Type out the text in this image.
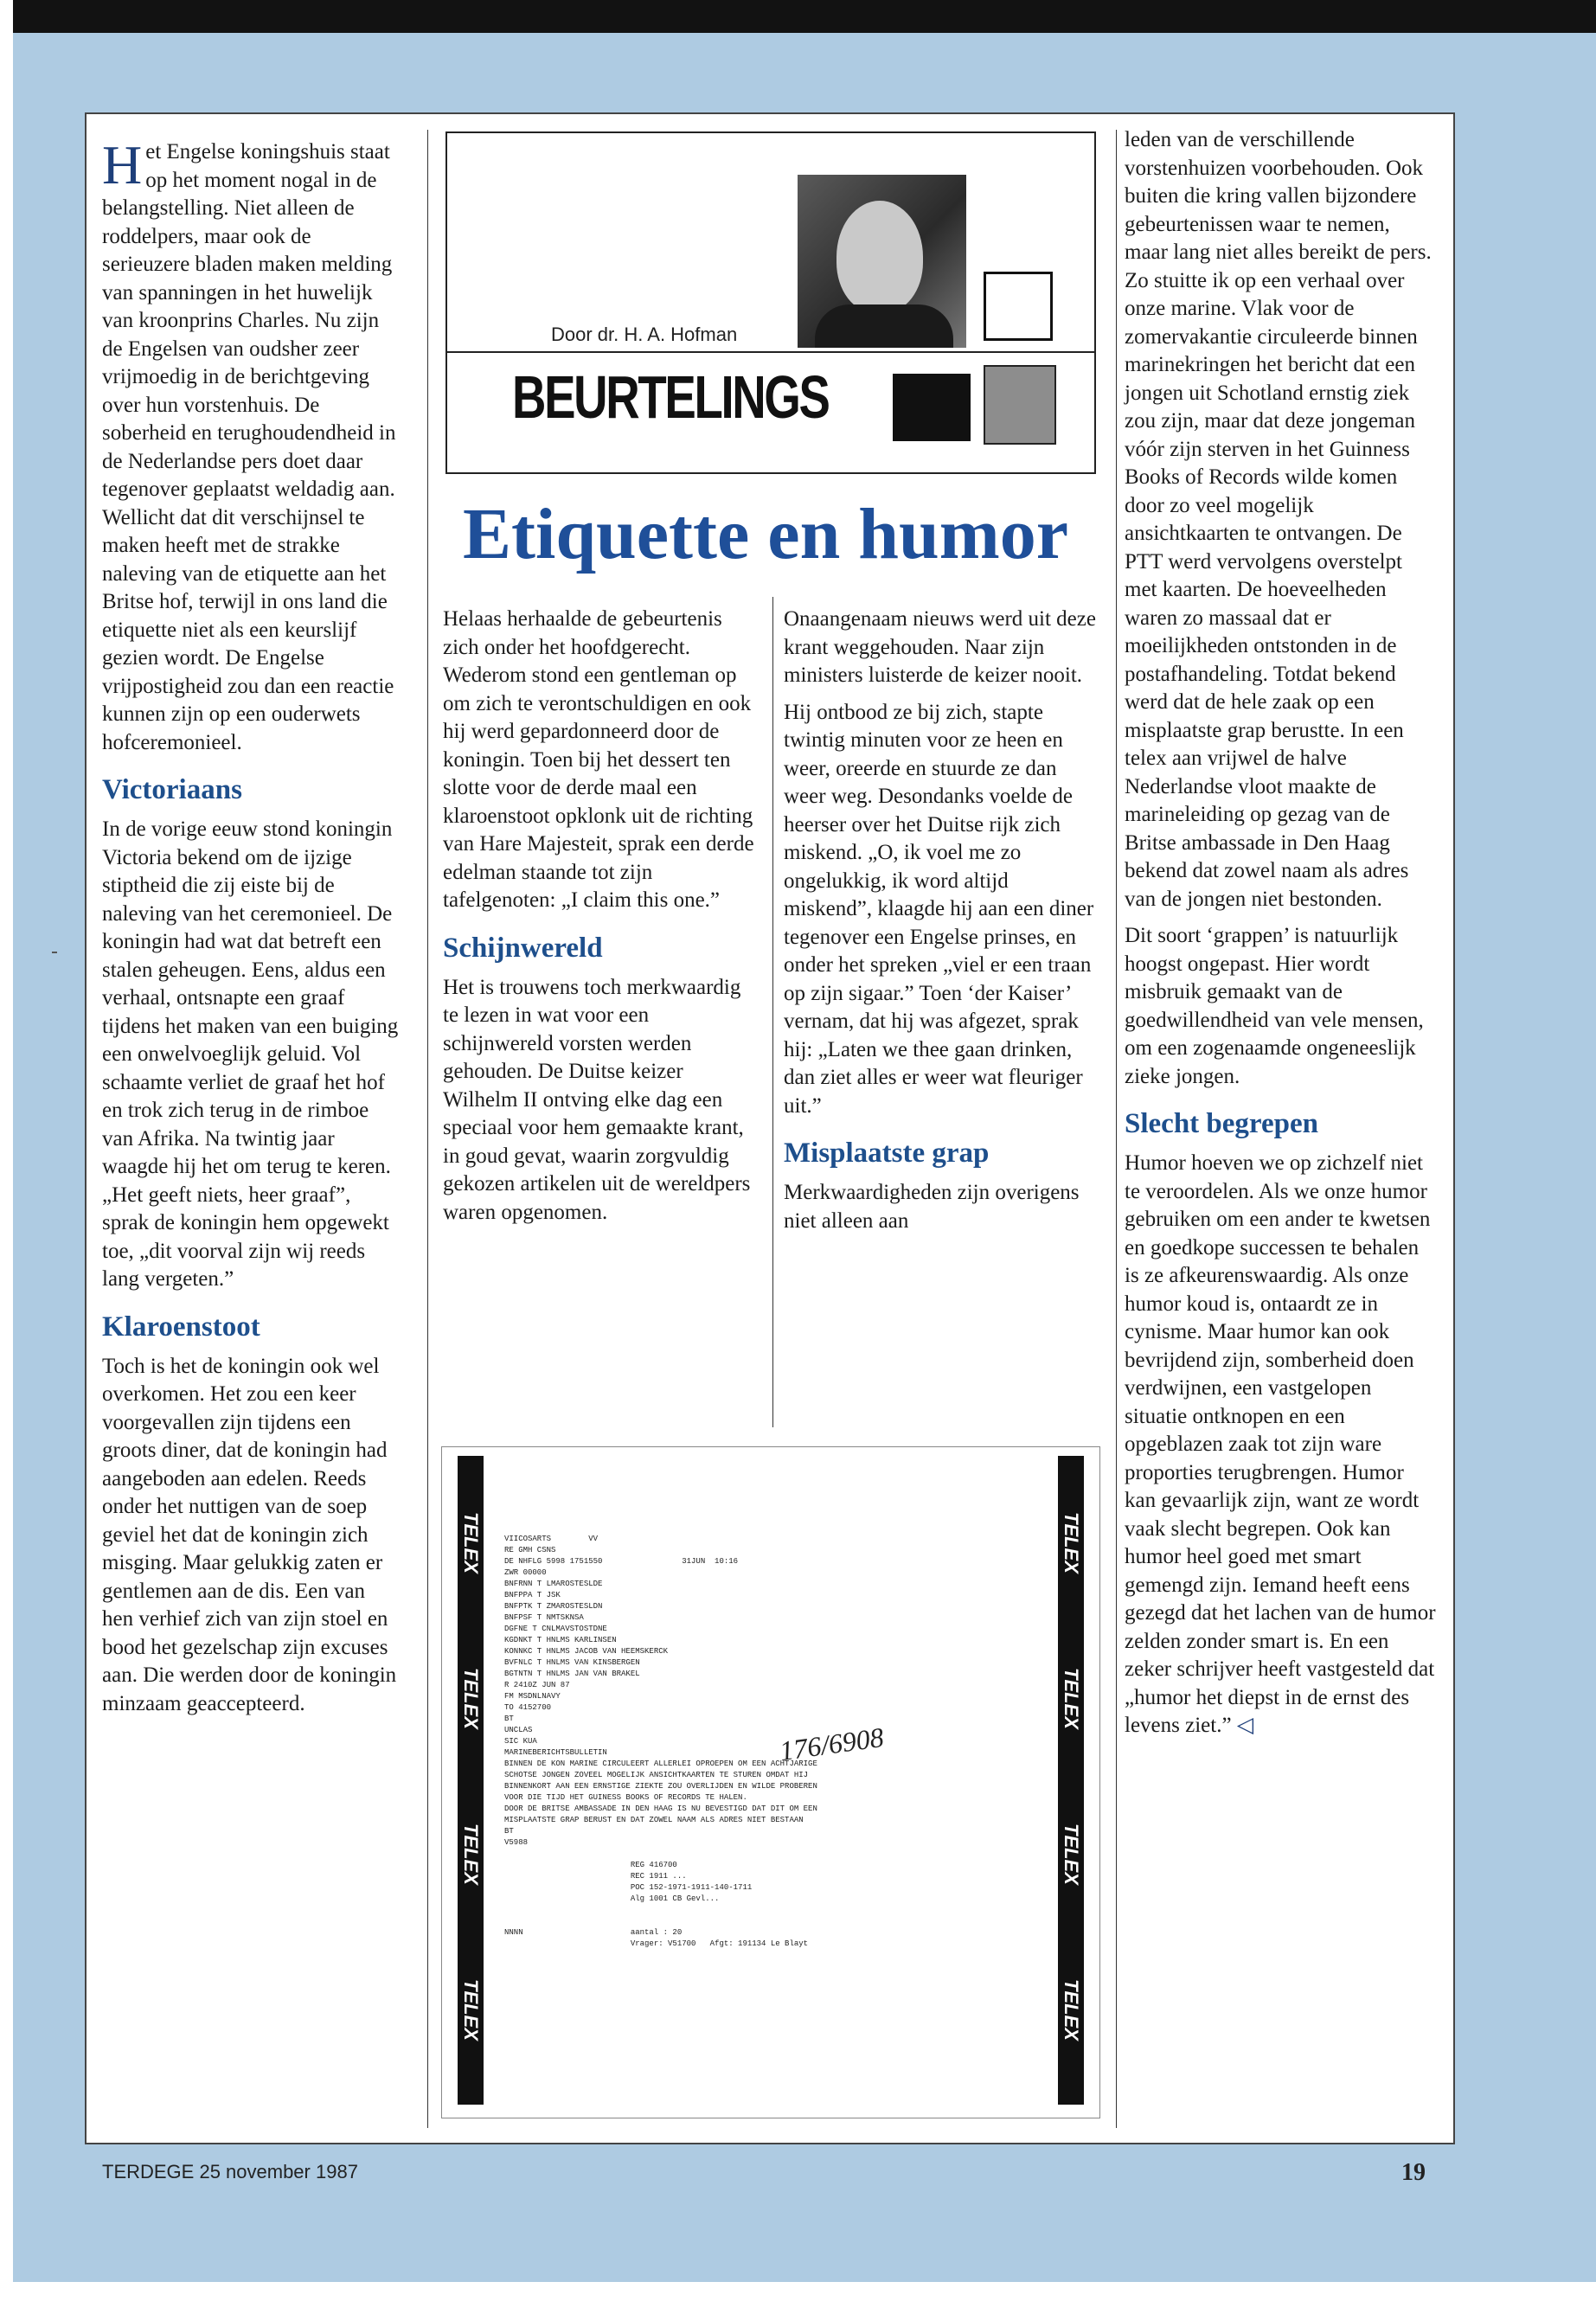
Het Engelse koningshuis staat op het moment nogal in de belangstelling. Niet alleen de roddelpers, maar ook de serieuzere bladen maken melding van spanningen in het huwelijk van kroonprins Charles. Nu zijn de Engelsen van oudsher zeer vrijmoedig in de berichtgeving over hun vorstenhuis. De soberheid en terughoudendheid in de Nederlandse pers doet daar tegenover geplaatst weldadig aan. Wellicht dat dit verschijnsel te maken heeft met de strakke naleving van de etiquette aan het Britse hof, terwijl in ons land die etiquette niet als een keurslijf gezien wordt. De Engelse vrijpostigheid zou dan een reactie kunnen zijn op een ouderwets hofceremonieel.

Victoriaans

In de vorige eeuw stond koningin Victoria bekend om de ijzige stiptheid die zij eiste bij de naleving van het ceremonieel. De koningin had wat dat betreft een stalen geheugen. Eens, aldus een verhaal, ontsnapte een graaf tijdens het maken van een buiging een onwelvoeglijk geluid. Vol schaamte verliet de graaf het hof en trok zich terug in de rimboe van Afrika. Na twintig jaar waagde hij het om terug te keren. „Het geeft niets, heer graaf”, sprak de koningin hem opgewekt toe, „dit voorval zijn wij reeds lang vergeten.”

Klaroenstoot

Toch is het de koningin ook wel overkomen. Het zou een keer voorgevallen zijn tijdens een groots diner, dat de koningin had aangeboden aan edelen. Reeds onder het nuttigen van de soep geviel het dat de koningin zich misging. Maar gelukkig zaten er gentlemen aan de dis. Een van hen verhief zich van zijn stoel en bood het gezelschap zijn excuses aan. Die werden door de koningin minzaam geaccepteerd.

Door dr. H. A. Hofman
BEURTELINGS
Etiquette en humor

Helaas herhaalde de gebeurtenis zich onder het hoofdgerecht. Wederom stond een gentleman op om zich te verontschuldigen en ook hij werd gepardonneerd door de koningin. Toen bij het dessert ten slotte voor de derde maal een klaroenstoot opklonk uit de richting van Hare Majesteit, sprak een derde edelman staande tot zijn tafelgenoten: „I claim this one.”

Schijnwereld

Het is trouwens toch merkwaardig te lezen in wat voor een schijnwereld vorsten werden gehouden. De Duitse keizer Wilhelm II ontving elke dag een speciaal voor hem gemaakte krant, in goud gevat, waarin zorgvuldig gekozen artikelen uit de wereldpers waren opgenomen.

Onaangenaam nieuws werd uit deze krant weggehouden. Naar zijn ministers luisterde de keizer nooit.

Hij ontbood ze bij zich, stapte twintig minuten voor ze heen en weer, oreerde en stuurde ze dan weer weg. Desondanks voelde de heerser over het Duitse rijk zich miskend. „O, ik voel me zo ongelukkig, ik word altijd miskend”, klaagde hij aan een diner tegenover een Engelse prinses, en onder het spreken „viel er een traan op zijn sigaar.” Toen ‘der Kaiser’ vernam, dat hij was afgezet, sprak hij: „Laten we thee gaan drinken, dan ziet alles er weer wat fleuriger uit.”

Misplaatste grap

Merkwaardigheden zijn overigens niet alleen aan

leden van de verschillende vorstenhuizen voorbehouden. Ook buiten die kring vallen bijzondere gebeurtenissen waar te nemen, maar lang niet alles bereikt de pers. Zo stuitte ik op een verhaal over onze marine. Vlak voor de zomervakantie circuleerde binnen marinekringen het bericht dat een jongen uit Schotland ernstig ziek zou zijn, maar dat deze jongeman vóór zijn sterven in het Guinness Books of Records wilde komen door zo veel mogelijk ansichtkaarten te ontvangen. De PTT werd vervolgens overstelpt met kaarten. De hoeveelheden waren zo massaal dat er moeilijkheden ontstonden in de postafhandeling. Totdat bekend werd dat de hele zaak op een misplaatste grap berustte. In een telex aan vrijwel de halve Nederlandse vloot maakte de marineleiding op gezag van de Britse ambassade in Den Haag bekend dat zowel naam als adres van de jongen niet bestonden.

Dit soort ‘grappen’ is natuurlijk hoogst ongepast. Hier wordt misbruik gemaakt van de goedwillendheid van vele mensen, om een zogenaamde ongeneeslijk zieke jongen.

Slecht begrepen

Humor hoeven we op zichzelf niet te veroordelen. Als we onze humor gebruiken om een ander te kwetsen en goedkope successen te behalen is ze afkeurenswaardig. Als onze humor koud is, ontaardt ze in cynisme. Maar humor kan ook bevrijdend zijn, somberheid doen verdwijnen, een vastgelopen situatie ontknopen en een opgeblazen zaak tot zijn ware proporties terugbrengen. Humor kan gevaarlijk zijn, want ze wordt vaak slecht begrepen. Ook kan humor heel goed met smart gemengd zijn. Iemand heeft eens gezegd dat het lachen van de humor zelden zonder smart is. En een zeker schrijver heeft vastgesteld dat „humor het diepst in de ernst des levens ziet.” ◁

TELEX
TELEX
TELEX
TELEX
VIICOSARTS        VV
RE GMH CSNS
DE NHFLG 5998 1751550                 31JUN  10:16
ZWR 00000
BNFRNN T LMAROSTESLDE
BNFPPA T JSK
BNFPTK T ZMAROSTESLDN
BNFPSF T NMTSKNSA
DGFNE T CNLMAVSTOSTDNE
KGDNKT T HNLMS KARLINSEN
KONNKC T HNLMS JACOB VAN HEEMSKERCK
BVFNLC T HNLMS VAN KINSBERGEN
BGTNTN T HNLMS JAN VAN BRAKEL
R 2410Z JUN 87
FM MSDNLNAVY
TO 4152700
BT
UNCLAS
SIC KUA
MARINEBERICHTSBULLETIN
BINNEN DE KON MARINE CIRCULEERT ALLERLEI OPROEPEN OM EEN ACHTJARIGE
SCHOTSE JONGEN ZOVEEL MOGELIJK ANSICHTKAARTEN TE STUREN OMDAT HIJ
BINNENKORT AAN EEN ERNSTIGE ZIEKTE ZOU OVERLIJDEN EN WILDE PROBEREN
VOOR DIE TIJD HET GUINESS BOOKS OF RECORDS TE HALEN.
DOOR DE BRITSE AMBASSADE IN DEN HAAG IS NU BEVESTIGD DAT DIT OM EEN
MISPLAATSTE GRAP BERUST EN DAT ZOWEL NAAM ALS ADRES NIET BESTAAN
BT
V5988

REG 416700
REC 1911 ...
POC 152-1971-1911-140-1711
Alg 1001 CB Gevl...

NNNN                       aantal : 20
Vrager: V51700   Afgt: 191134 Le Blayt
176/6908
TELEX
TELEX
TELEX
TELEX
TERDEGE 25 november 1987	19
